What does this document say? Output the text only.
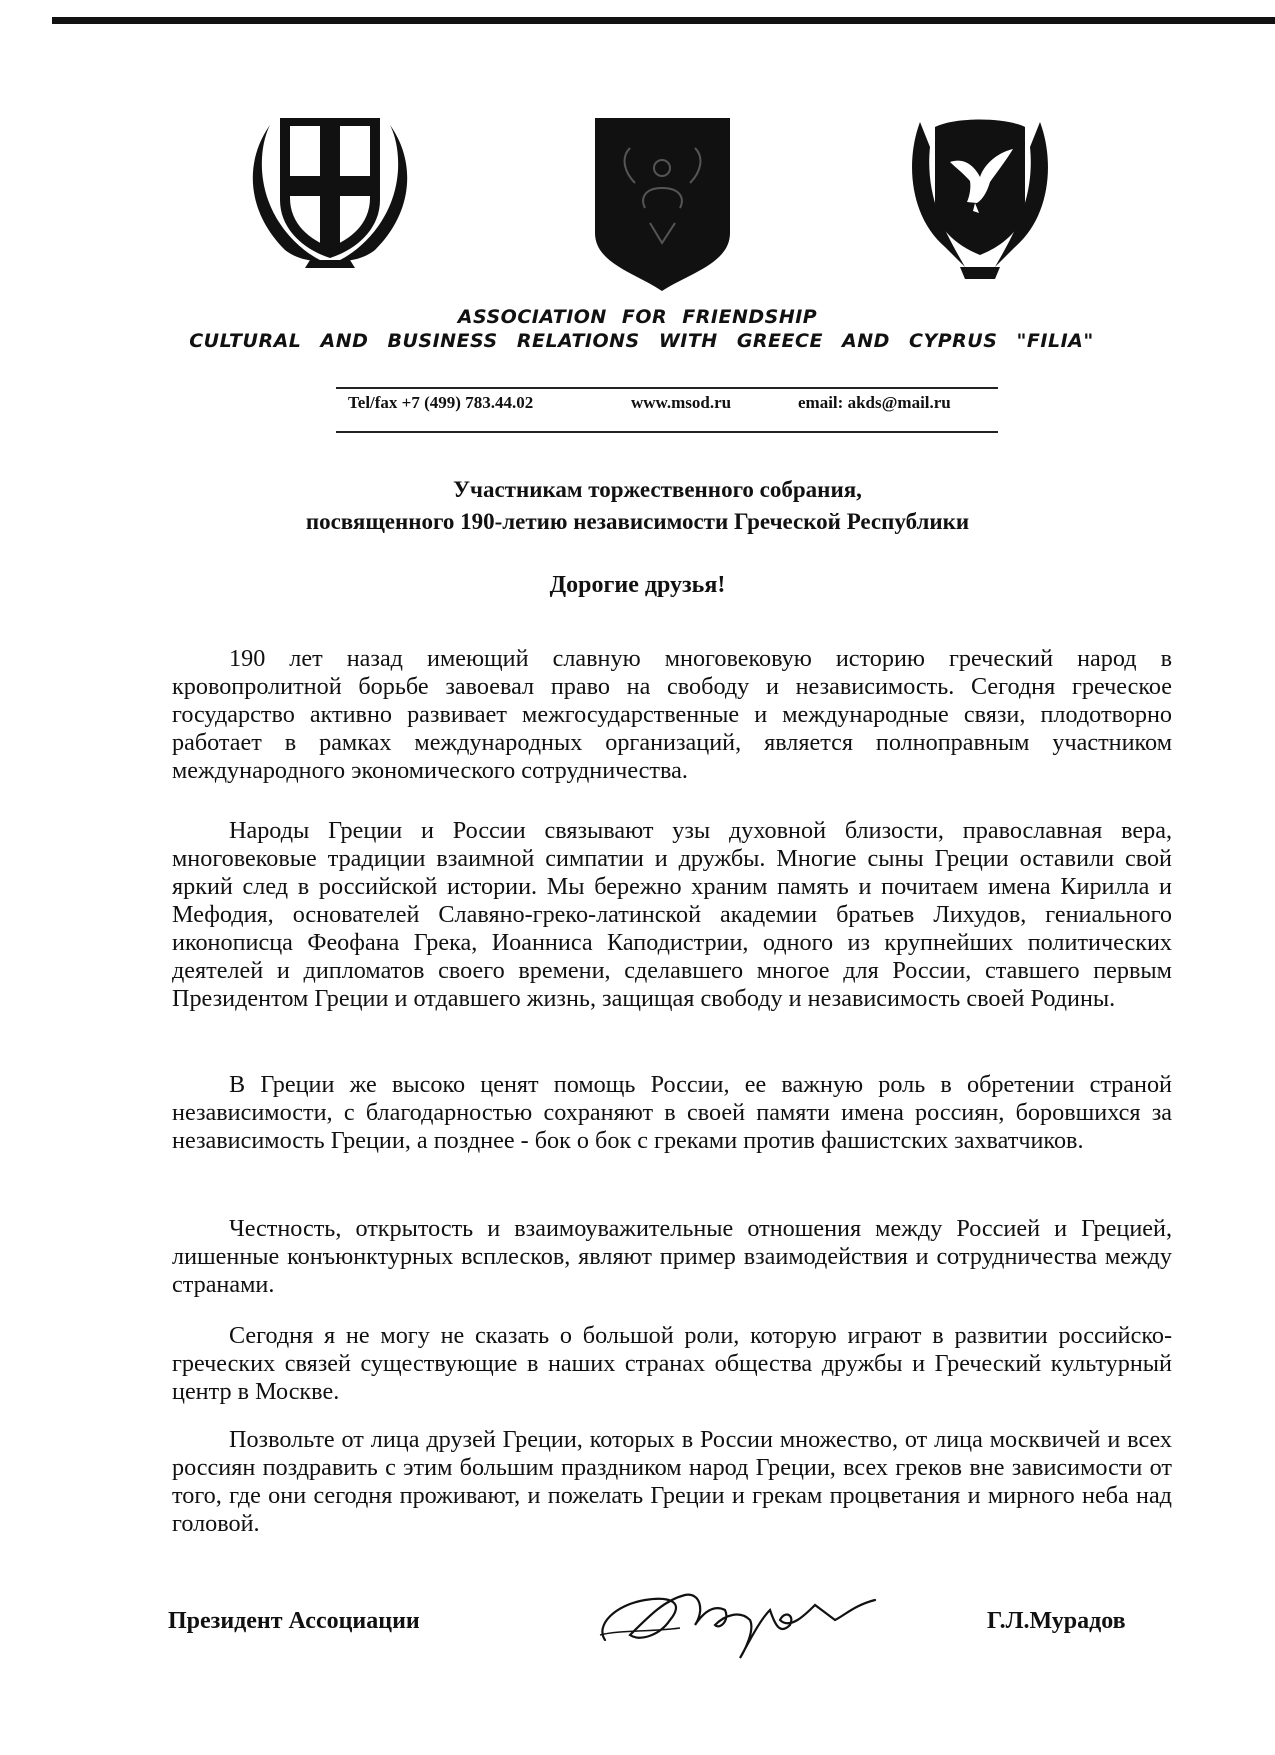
ASSOCIATION FOR FRIENDSHIP
CULTURAL AND BUSINESS RELATIONS WITH GREECE AND CYPRUS "FILIA"
Tel/fax +7 (499) 783.44.02	www.msod.ru	email: akds@mail.ru
Участникам торжественного собрания,
посвященного 190-летию независимости Греческой Республики
Дорогие друзья!

190 лет назад имеющий славную многовековую историю греческий народ в кровопролитной борьбе завоевал право на свободу и независимость. Сегодня греческое государство активно развивает межгосударственные и международные связи, плодотворно работает в рамках международных организаций, является полноправным участником международного экономического сотрудничества.

Народы Греции и России связывают узы духовной близости, православная вера, многовековые традиции взаимной симпатии и дружбы. Многие сыны Греции оставили свой яркий след в российской истории. Мы бережно храним память и почитаем имена Кирилла и Мефодия, основателей Славяно-греко-латинской академии братьев Лихудов, гениального иконописца Феофана Грека, Иоанниса Каподистрии, одного из крупнейших политических деятелей и дипломатов своего времени, сделавшего многое для России, ставшего первым Президентом Греции и отдавшего жизнь, защищая свободу и независимость своей Родины.

В Греции же высоко ценят помощь России, ее важную роль в обретении страной независимости, с благодарностью сохраняют в своей памяти имена россиян, боровшихся за независимость Греции, а позднее - бок о бок с греками против фашистских захватчиков.

Честность, открытость и взаимоуважительные отношения между Россией и Грецией, лишенные конъюнктурных всплесков, являют пример взаимодействия и сотрудничества между странами.

Сегодня я не могу не сказать о большой роли, которую играют в развитии российско-греческих связей существующие в наших странах общества дружбы и Греческий культурный центр в Москве.

Позвольте от лица друзей Греции, которых в России множество, от лица москвичей и всех россиян поздравить с этим большим праздником народ Греции, всех греков вне зависимости от того, где они сегодня проживают, и пожелать Греции и грекам процветания и мирного неба над головой.

Президент Ассоциации	Г.Л.Мурадов
